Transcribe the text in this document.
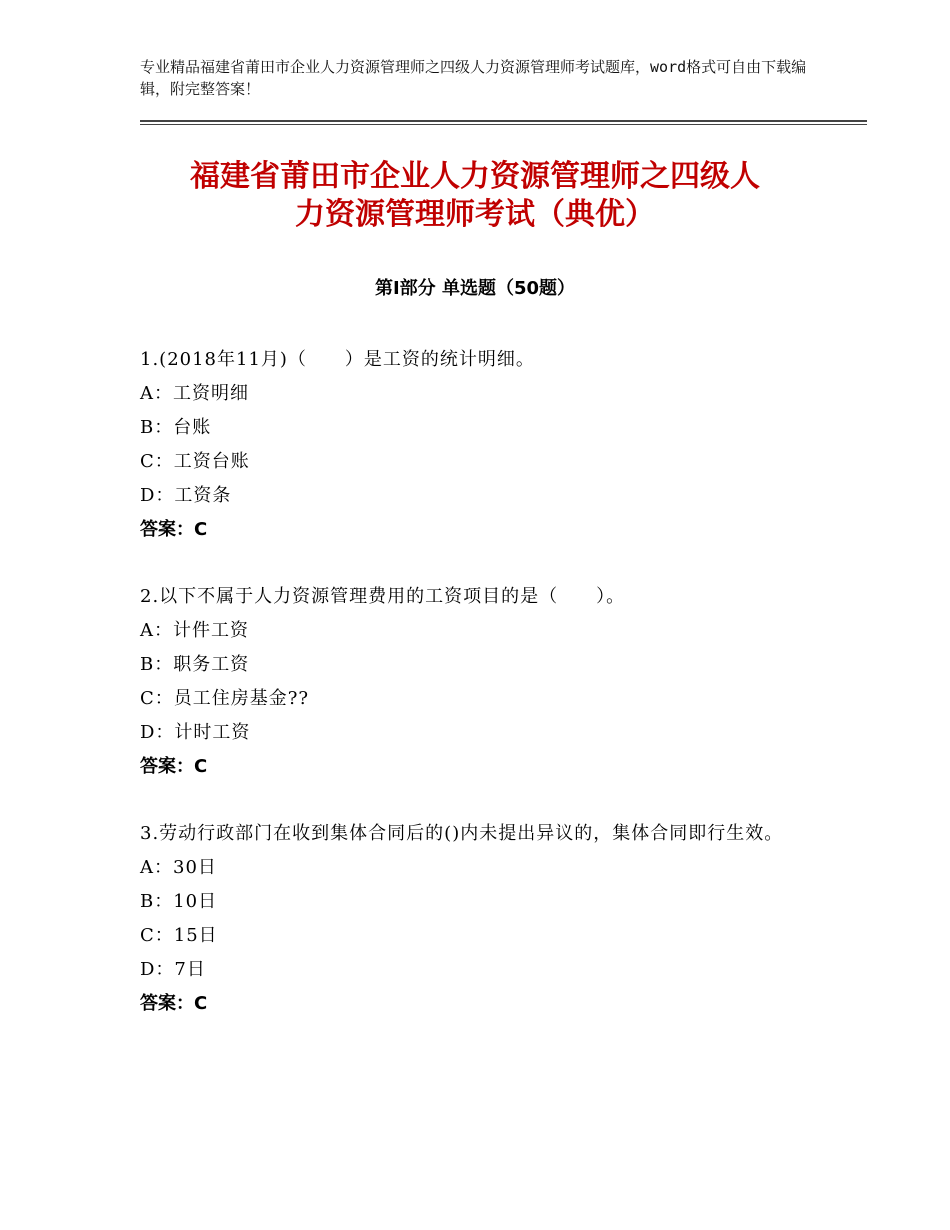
专业精品福建省莆田市企业人力资源管理师之四级人力资源管理师考试题库，word格式可自由下载编辑，附完整答案！
福建省莆田市企业人力资源管理师之四级人
力资源管理师考试（典优）
第Ⅰ部分 单选题（50题）
1.(2018年11月)（　　）是工资的统计明细。
A：工资明细
B：台账
C：工资台账
D：工资条
答案：C
2.以下不属于人力资源管理费用的工资项目的是（　　）。
A：计件工资
B：职务工资
C：员工住房基金??
D：计时工资
答案：C
3.劳动行政部门在收到集体合同后的()内未提出异议的，集体合同即行生效。
A：30日
B：10日
C：15日
D：7日
答案：C
